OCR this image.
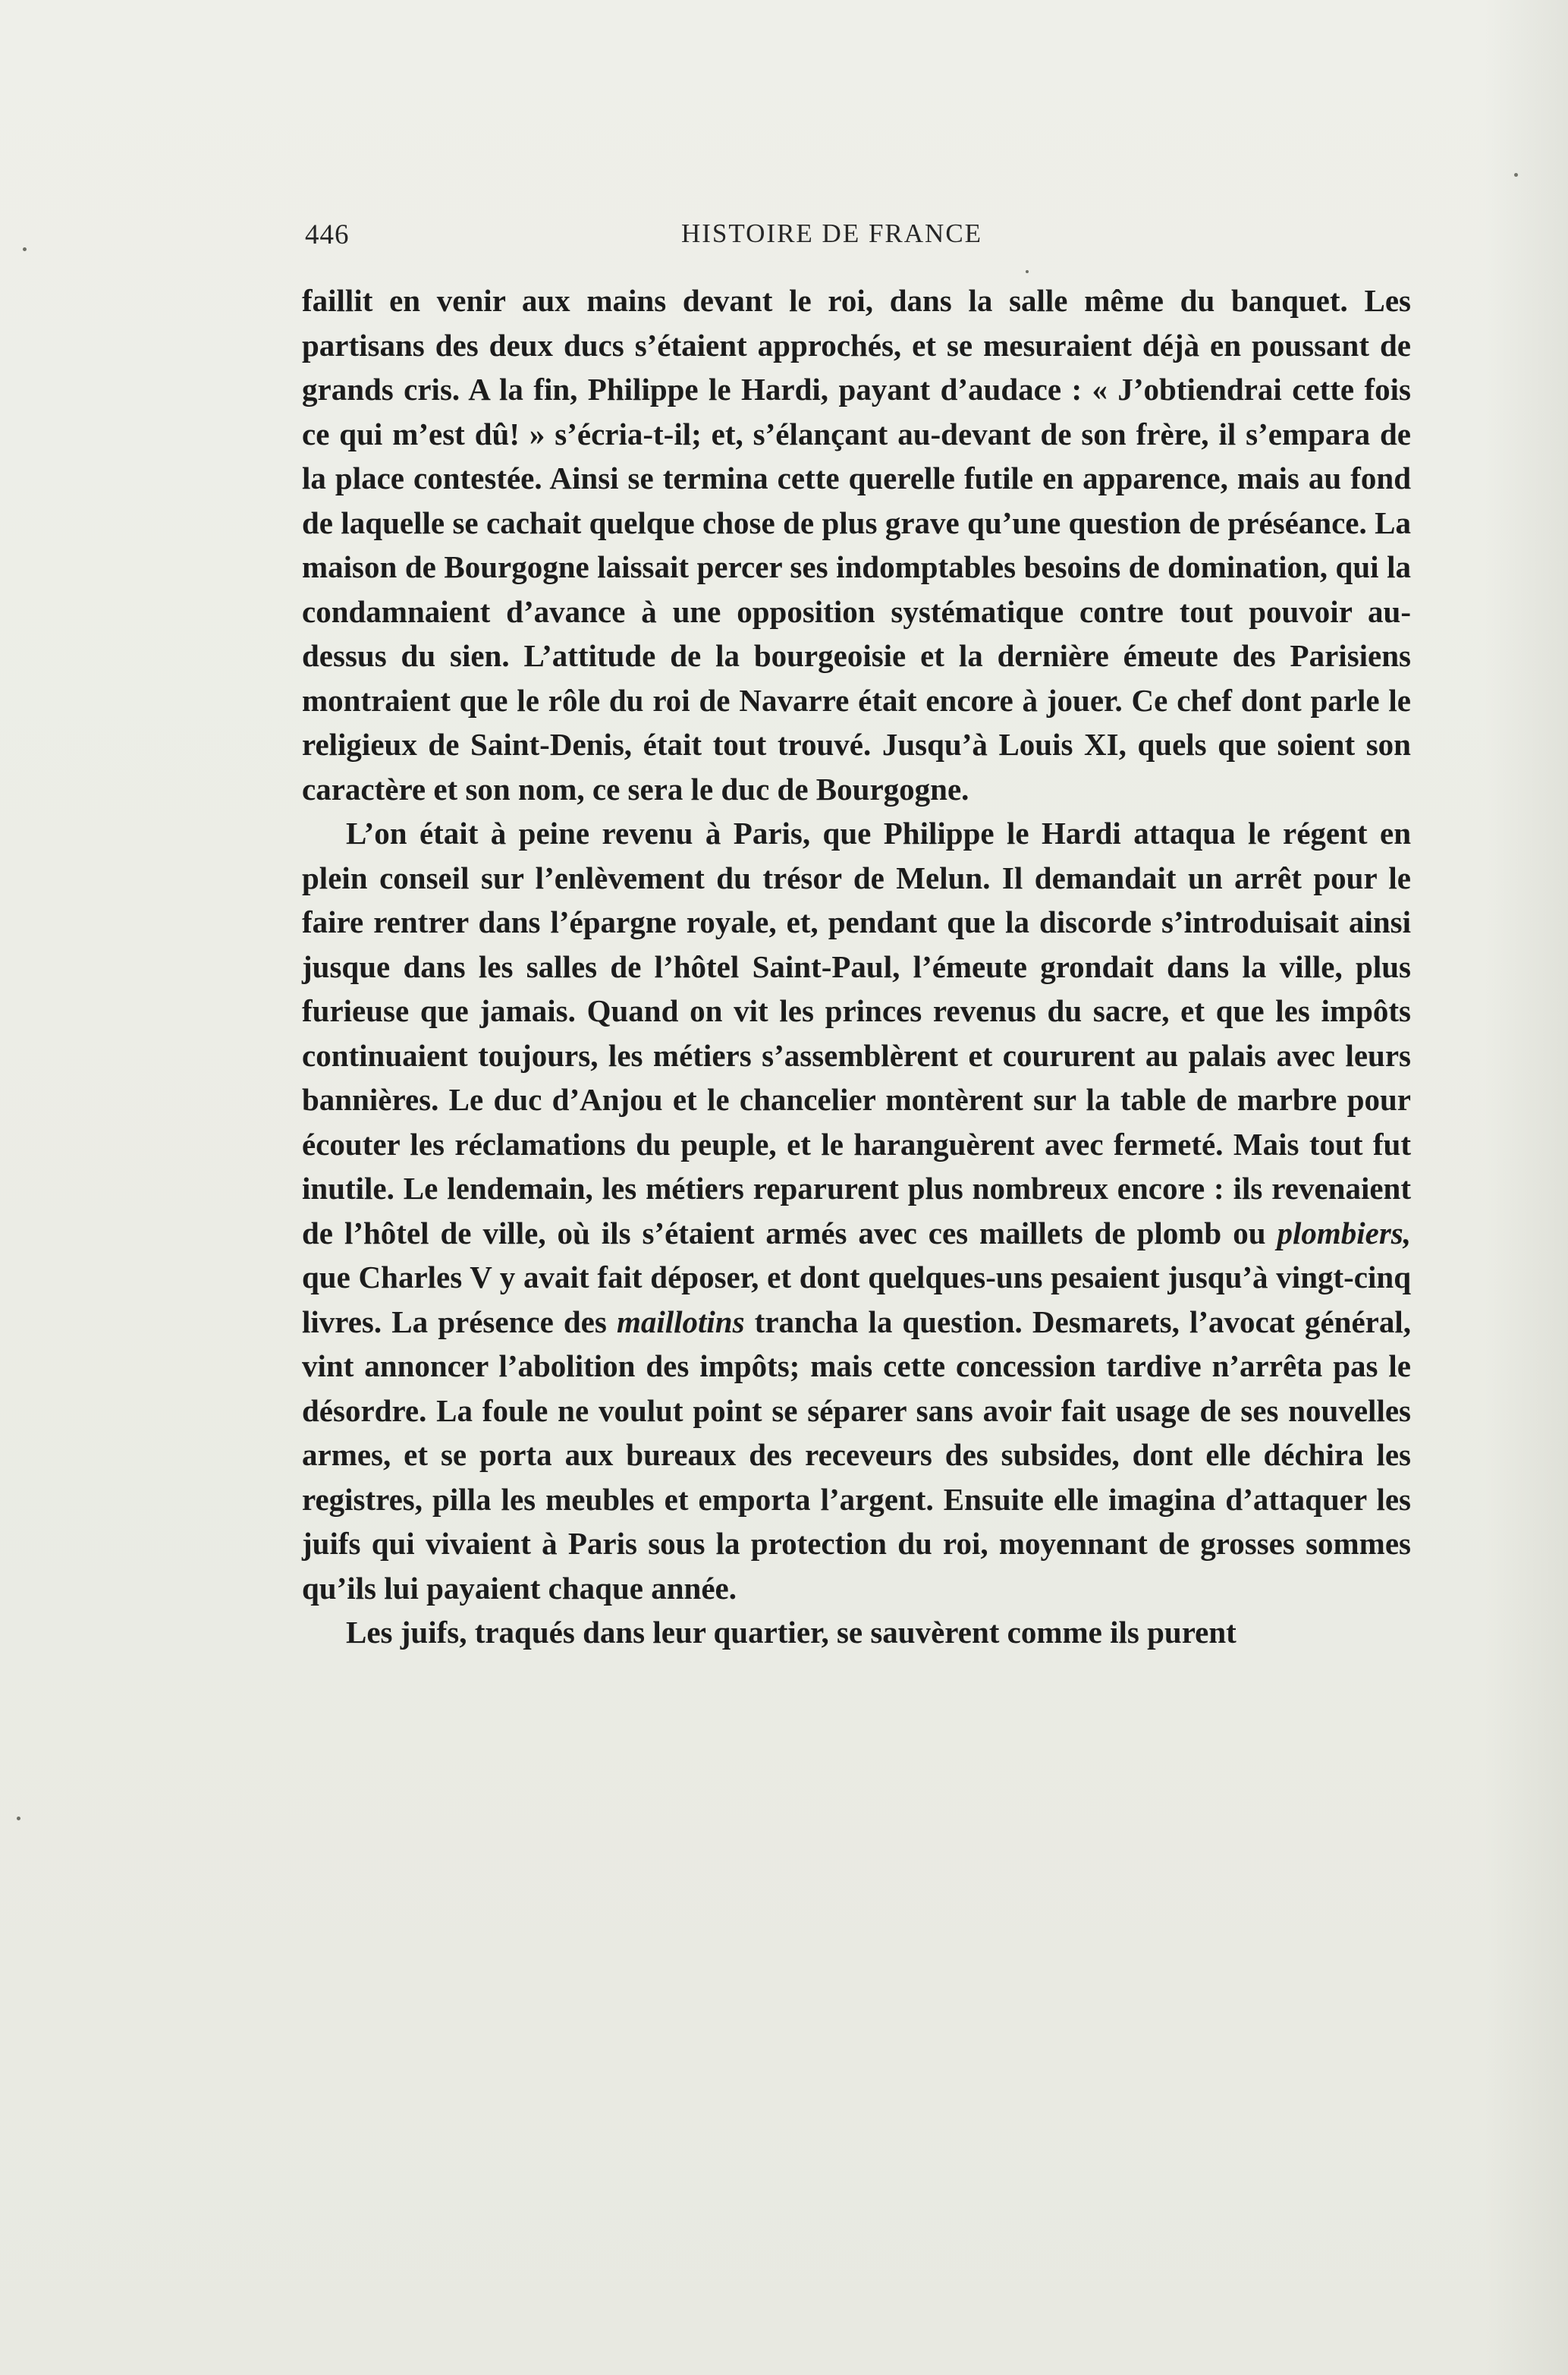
446	HISTOIRE DE FRANCE

faillit en venir aux mains devant le roi, dans la salle même du banquet. Les partisans des deux ducs s’étaient approchés, et se mesuraient déjà en poussant de grands cris. A la fin, Philippe le Hardi, payant d’audace : « J’obtiendrai cette fois ce qui m’est dû! » s’écria-t-il; et, s’élançant au-devant de son frère, il s’empara de la place contestée. Ainsi se termina cette querelle futile en apparence, mais au fond de laquelle se cachait quelque chose de plus grave qu’une question de préséance. La maison de Bourgogne laissait percer ses indomptables besoins de domination, qui la condamnaient d’avance à une opposition systématique contre tout pouvoir au-dessus du sien. L’attitude de la bourgeoisie et la dernière émeute des Parisiens montraient que le rôle du roi de Navarre était encore à jouer. Ce chef dont parle le religieux de Saint-Denis, était tout trouvé. Jusqu’à Louis XI, quels que soient son caractère et son nom, ce sera le duc de Bourgogne.

L’on était à peine revenu à Paris, que Philippe le Hardi attaqua le régent en plein conseil sur l’enlèvement du trésor de Melun. Il demandait un arrêt pour le faire rentrer dans l’épargne royale, et, pendant que la discorde s’introduisait ainsi jusque dans les salles de l’hôtel Saint-Paul, l’émeute grondait dans la ville, plus furieuse que jamais. Quand on vit les princes revenus du sacre, et que les impôts continuaient toujours, les métiers s’assemblèrent et coururent au palais avec leurs bannières. Le duc d’Anjou et le chancelier montèrent sur la table de marbre pour écouter les réclamations du peuple, et le haranguèrent avec fermeté. Mais tout fut inutile. Le lendemain, les métiers reparurent plus nombreux encore : ils revenaient de l’hôtel de ville, où ils s’étaient armés avec ces maillets de plomb ou plombiers, que Charles V y avait fait déposer, et dont quelques-uns pesaient jusqu’à vingt-cinq livres. La présence des maillotins trancha la question. Desmarets, l’avocat général, vint annoncer l’abolition des impôts; mais cette concession tardive n’arrêta pas le désordre. La foule ne voulut point se séparer sans avoir fait usage de ses nouvelles armes, et se porta aux bureaux des receveurs des subsides, dont elle déchira les registres, pilla les meubles et emporta l’argent. Ensuite elle imagina d’attaquer les juifs qui vivaient à Paris sous la protection du roi, moyennant de grosses sommes qu’ils lui payaient chaque année.

Les juifs, traqués dans leur quartier, se sauvèrent comme ils purent
